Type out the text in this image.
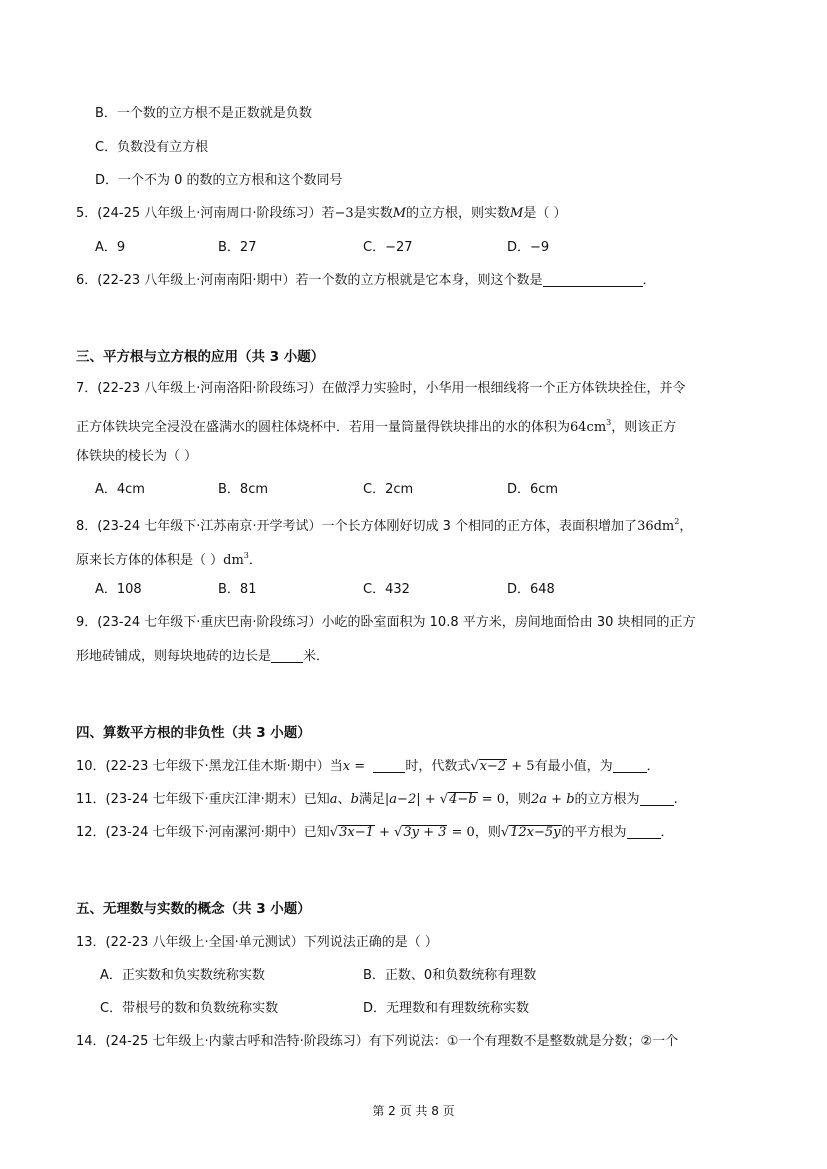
B．一个数的立方根不是正数就是负数
C．负数没有立方根
D．一个不为 0 的数的立方根和这个数同号
5．(24-25 八年级上·河南周口·阶段练习）若−3是实数M的立方根，则实数M是（ ）
A．9	B．27	C．−27	D．−9
6．(22-23 八年级上·河南南阳·期中）若一个数的立方根就是它本身，则这个数是	．
三、平方根与立方根的应用（共 3 小题）
7．(22-23 八年级上·河南洛阳·阶段练习）在做浮力实验时，小华用一根细线将一个正方体铁块拴住，并令
正方体铁块完全浸没在盛满水的圆柱体烧杯中．若用一量筒量得铁块排出的水的体积为$64cm^3$，则该正方
体铁块的棱长为（ ）
A．4cm	B．8cm	C．2cm	D．6cm
8．(23-24 七年级下·江苏南京·开学考试）一个长方体刚好切成 3 个相同的正方体，表面积增加了$36dm^2$，
原来长方体的体积是（ ）$dm^3$．
A．108	B．81	C．432	D．648
9．(23-24 七年级下·重庆巴南·阶段练习）小屹的卧室面积为 10.8 平方米，房间地面恰由 30 块相同的正方
形地砖铺成，则每块地砖的边长是 米．
四、算数平方根的非负性（共 3 小题）
10．(22-23 七年级下·黑龙江佳木斯·期中）当x =	时，代数式√x−2 + 5有最小值，为	．
11．(23-24 七年级下·重庆江津·期末）已知a、b满足|a−2| + √4−b = 0，则2a + b的立方根为	.
12．(23-24 七年级下·河南漯河·期中）已知√3x−1 + √3y + 3 = 0，则√12x−5y的平方根为	．
五、无理数与实数的概念（共 3 小题）
13．(22-23 八年级上·全国·单元测试）下列说法正确的是（ ）
A．正实数和负实数统称实数	B．正数、0和负数统称有理数
C．带根号的数和负数统称实数	D．无理数和有理数统称实数
14．(24-25 七年级上·内蒙古呼和浩特·阶段练习）有下列说法：①一个有理数不是整数就是分数；②一个
第 2 页 共 8 页
